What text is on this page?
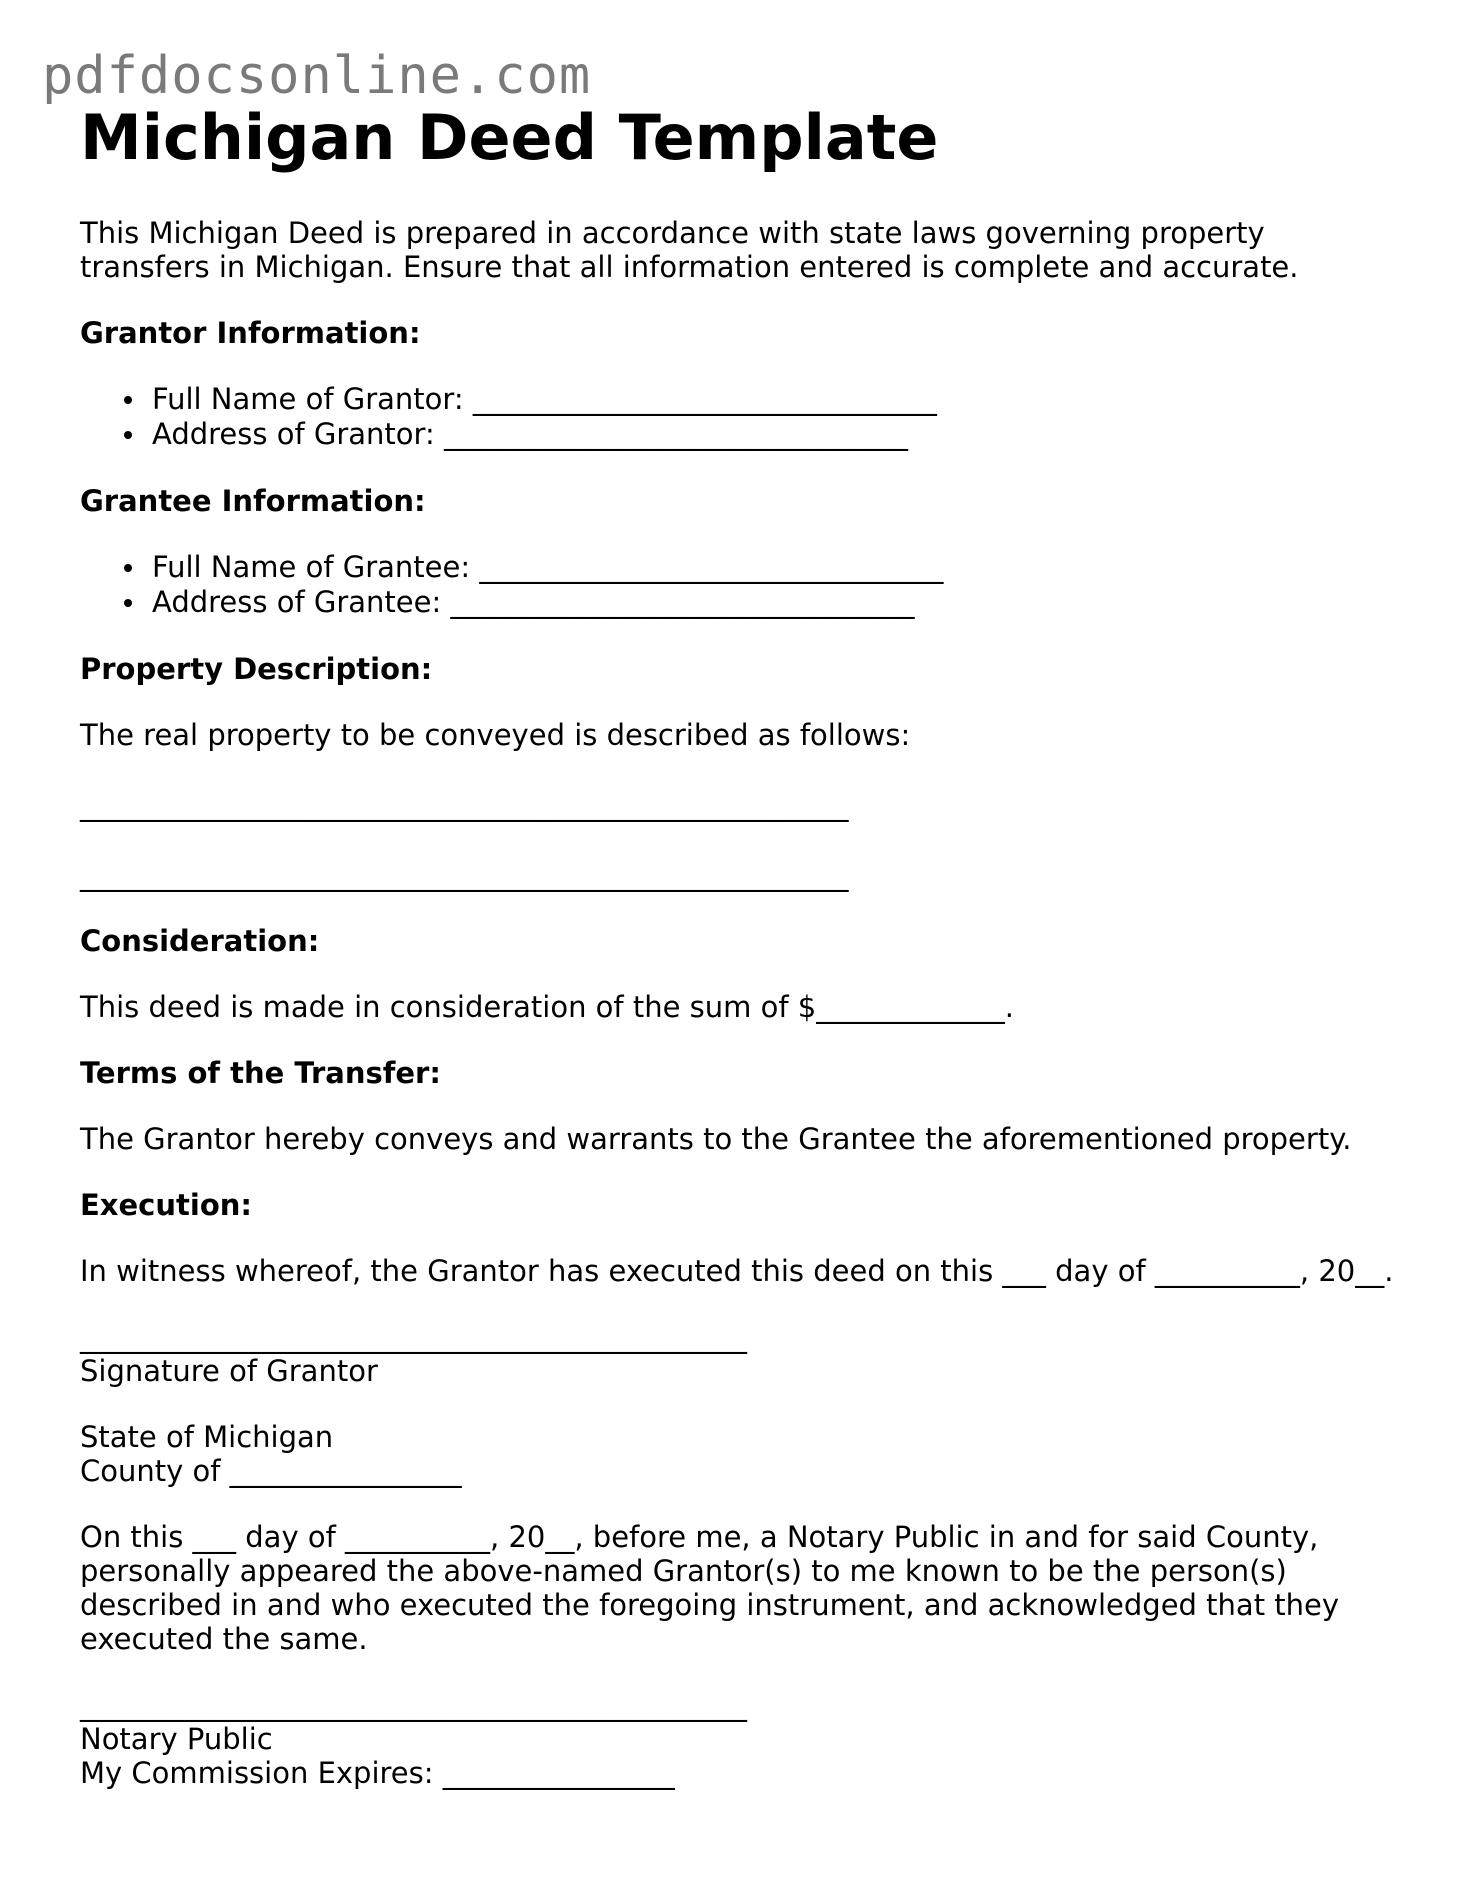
pdfdocsonline.com
Michigan Deed Template

This Michigan Deed is prepared in accordance with state laws governing property

transfers in Michigan. Ensure that all information entered is complete and accurate.

Grantor Information:

Full Name of Grantor: ________________________________
Address of Grantor: ________________________________

Grantee Information:

Full Name of Grantee: ________________________________
Address of Grantee: ________________________________

Property Description:

The real property to be conveyed is described as follows:

_____________________________________________________

_____________________________________________________

Consideration:

This deed is made in consideration of the sum of $_____________.

Terms of the Transfer:

The Grantor hereby conveys and warrants to the Grantee the aforementioned property.

Execution:

In witness whereof, the Grantor has executed this deed on this ___ day of __________, 20__.

______________________________________________

Signature of Grantor

State of Michigan

County of ________________

On this ___ day of __________, 20__, before me, a Notary Public in and for said County,

personally appeared the above-named Grantor(s) to me known to be the person(s)

described in and who executed the foregoing instrument, and acknowledged that they

executed the same.

______________________________________________

Notary Public

My Commission Expires: ________________
